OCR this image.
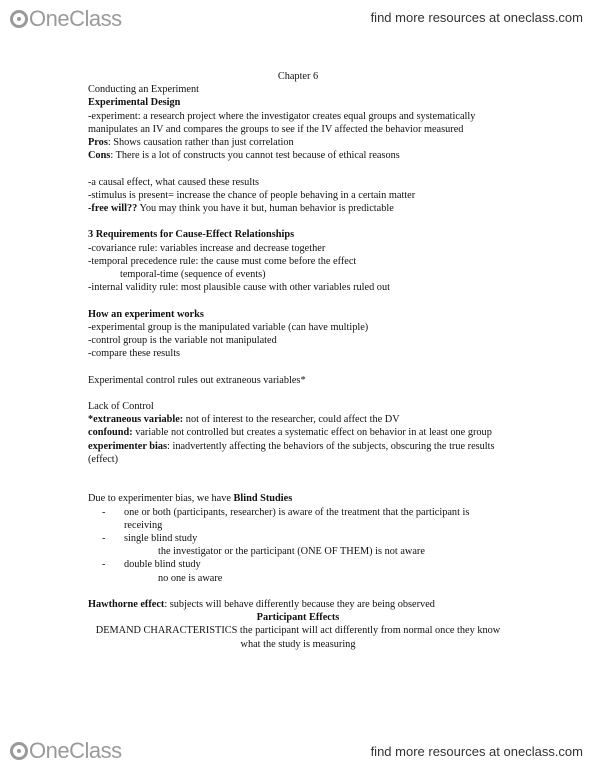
OneClass	find more resources at oneclass.com
Chapter 6
Conducting an Experiment
Experimental Design
-experiment: a research project where the investigator creates equal groups and systematically manipulates an IV and compares the groups to see if the IV affected the behavior measured
Pros: Shows causation rather than just correlation
Cons: There is a lot of constructs you cannot test because of ethical reasons
-a causal effect, what caused these results
-stimulus is present= increase the chance of people behaving in a certain matter
-free will?? You may think you have it but, human behavior is predictable
3 Requirements for Cause-Effect Relationships
-covariance rule: variables increase and decrease together
-temporal precedence rule: the cause must come before the effect
temporal-time (sequence of events)
-internal validity rule: most plausible cause with other variables ruled out
How an experiment works
-experimental group is the manipulated variable (can have multiple)
-control group is the variable not manipulated
-compare these results
Experimental control rules out extraneous variables*
Lack of Control
*extraneous variable: not of interest to the researcher, could affect the DV
confound: variable not controlled but creates a systematic effect on behavior in at least one group
experimenter bias: inadvertently affecting the behaviors of the subjects, obscuring the true results (effect)
Due to experimenter bias, we have Blind Studies
-	one or both (participants, researcher) is aware of the treatment that the participant is receiving
-	single blind study
the investigator or the participant (ONE OF THEM) is not aware
-	double blind study
no one is aware
Hawthorne effect: subjects will behave differently because they are being observed
Participant Effects
DEMAND CHARACTERISTICS the participant will act differently from normal once they know what the study is measuring
OneClass	find more resources at oneclass.com
